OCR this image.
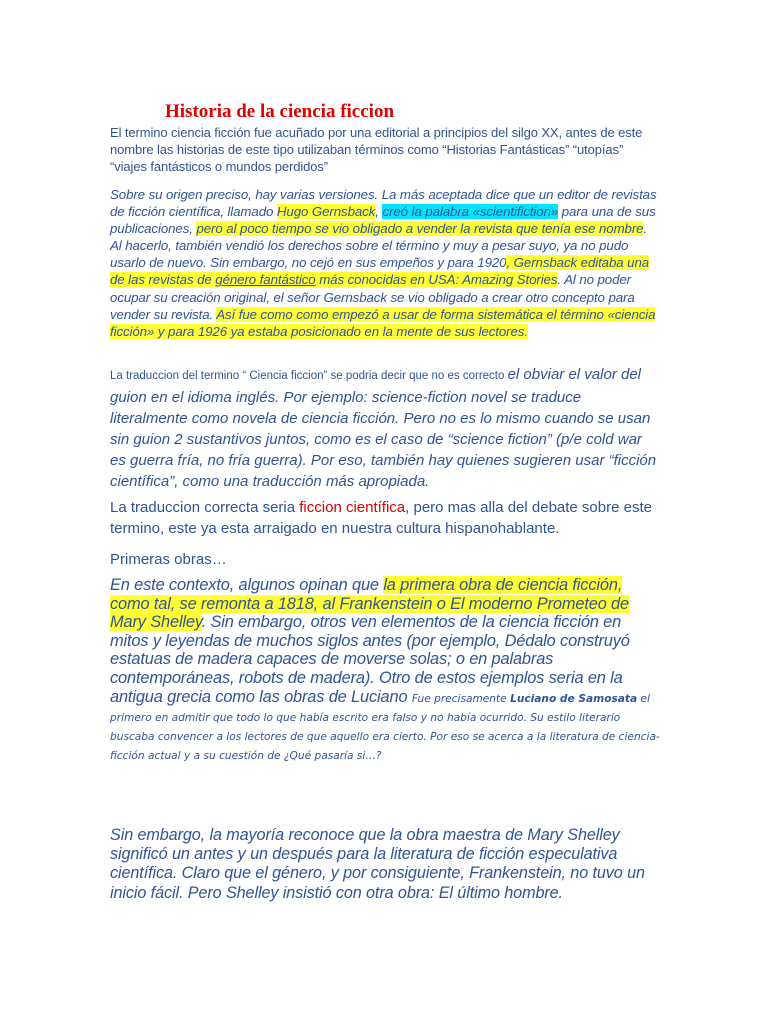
Historia de la ciencia ficcion

El termino ciencia ficción fue acuñado por una editorial a principios del silgo XX, antes de este nombre las historias de este tipo utilizaban términos como “Historias Fantásticas” “utopías” “viajes fantásticos o mundos perdidos”

Sobre su origen preciso, hay varias versiones. La más aceptada dice que un editor de revistas de ficción científica, llamado Hugo Gernsback, creó la palabra «scientifiction» para una de sus publicaciones, pero al poco tiempo se vio obligado a vender la revista que tenía ese nombre. Al hacerlo, también vendió los derechos sobre el término y muy a pesar suyo, ya no pudo usarlo de nuevo. Sin embargo, no cejó en sus empeños y para 1920, Gernsback editaba una de las revistas de género fantástico más conocidas en USA: Amazing Stories. Al no poder ocupar su creación original, el señor Gernsback se vio obligado a crear otro concepto para vender su revista. Así fue como como empezó a usar de forma sistemática el término «ciencia ficción» y para 1926 ya estaba posicionado en la mente de sus lectores.

La traduccion del termino “ Ciencia ficcion” se podria decir que no es correcto el obviar el valor del guion en el idioma inglés. Por ejemplo: science-fiction novel se traduce literalmente como novela de ciencia ficción. Pero no es lo mismo cuando se usan sin guion 2 sustantivos juntos, como es el caso de “science fiction” (p/e cold war es guerra fría, no fría guerra). Por eso, también hay quienes sugieren usar “ficción científica”, como una traducción más apropiada.

La traduccion correcta seria ficcion científica, pero mas alla del debate sobre este termino, este ya esta arraigado en nuestra cultura hispanohablante.

Primeras obras…

En este contexto, algunos opinan que la primera obra de ciencia ficción, como tal, se remonta a 1818, al Frankenstein o El moderno Prometeo de Mary Shelley. Sin embargo, otros ven elementos de la ciencia ficción en mitos y leyendas de muchos siglos antes (por ejemplo, Dédalo construyó estatuas de madera capaces de moverse solas; o en palabras contemporáneas, robots de madera). Otro de estos ejemplos seria en la antigua grecia como las obras de Luciano Fue precisamente Luciano de Samosata el primero en admitir que todo lo que había escrito era falso y no había ocurrido. Su estilo literario buscaba convencer a los lectores de que aquello era cierto. Por eso se acerca a la literatura de ciencia-ficción actual y a su cuestión de ¿Qué pasaría si…?

Sin embargo, la mayoría reconoce que la obra maestra de Mary Shelley significó un antes y un después para la literatura de ficción especulativa científica. Claro que el género, y por consiguiente, Frankenstein, no tuvo un inicio fácil. Pero Shelley insistió con otra obra: El último hombre.
